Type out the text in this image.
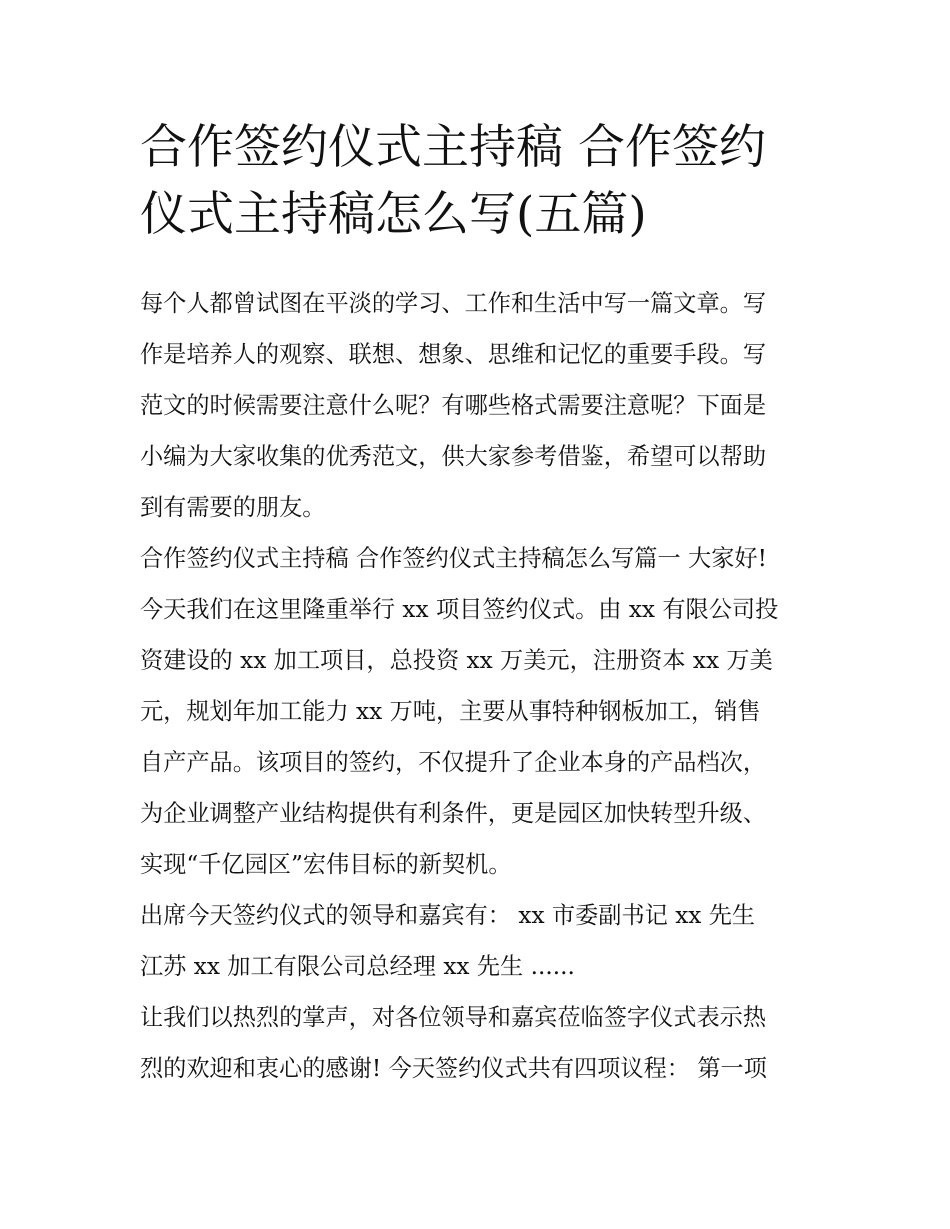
合作签约仪式主持稿 合作签约
仪式主持稿怎么写(五篇)
每个人都曾试图在平淡的学习、工作和生活中写一篇文章。写
作是培养人的观察、联想、想象、思维和记忆的重要手段。写
范文的时候需要注意什么呢？有哪些格式需要注意呢？下面是
小编为大家收集的优秀范文，供大家参考借鉴，希望可以帮助
到有需要的朋友。
合作签约仪式主持稿 合作签约仪式主持稿怎么写篇一 大家好!
今天我们在这里隆重举行 xx 项目签约仪式。由 xx 有限公司投
资建设的 xx 加工项目，总投资 xx 万美元，注册资本 xx 万美
元，规划年加工能力 xx 万吨，主要从事特种钢板加工，销售
自产产品。该项目的签约，不仅提升了企业本身的产品档次，
为企业调整产业结构提供有利条件，更是园区加快转型升级、
实现“千亿园区”宏伟目标的新契机。
出席今天签约仪式的领导和嘉宾有： xx 市委副书记 xx 先生
江苏 xx 加工有限公司总经理 xx 先生 ......
让我们以热烈的掌声，对各位领导和嘉宾莅临签字仪式表示热
烈的欢迎和衷心的感谢! 今天签约仪式共有四项议程： 第一项
